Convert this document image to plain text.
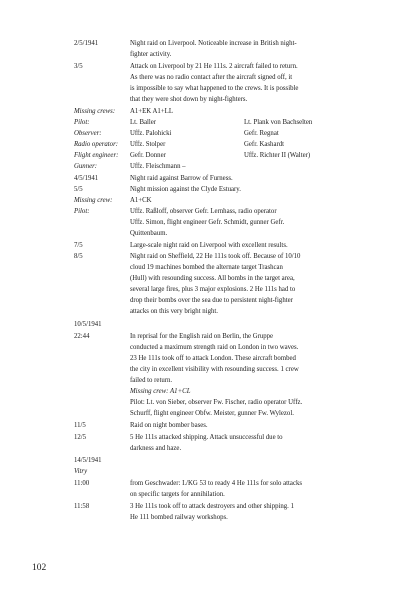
2/5/1941	Night raid on Liverpool. Noticeable increase in British night-
fighter activity.
3/5	Attack on Liverpool by 21 He 111s. 2 aircraft failed to return.
As there was no radio contact after the aircraft signed off, it
is impossible to say what happened to the crews. It is possible
that they were shot down by night-fighters.
Missing crews: A1+EK A1+LL
Pilot:	Lt. Baller	Lt. Plank von Bachselten
Observer:	Uffz. Palohicki	Gefr. Regnat
Radio operator: Uffz. Stolper	Gefr. Kashardt
Flight engineer: Gefr. Donner	Uffz. Richter II (Walter)
Gunner:	Uffz. Fleischmann –
4/5/1941	Night raid against Barrow of Furness.
5/5	Night mission against the Clyde Estuary.
Missing crew:	A1+CK
Pilot:	Uffz. Raßloff, observer Gefr. Lernhass, radio operator
Uffz. Simon, flight engineer Gefr. Schmidt, gunner Gefr.
Quittenbaum.
7/5	Large-scale night raid on Liverpool with excellent results.
8/5	Night raid on Sheffield, 22 He 111s took off. Because of 10/10
cloud 19 machines bombed the alternate target Trashcan
(Hull) with resounding success. All bombs in the target area,
several large fires, plus 3 major explosions. 2 He 111s had to
drop their bombs over the sea due to persistent night-fighter
attacks on this very bright night.
10/5/1941
22:44	In reprisal for the English raid on Berlin, the Gruppe
conducted a maximum strength raid on London in two waves.
23 He 111s took off to attack London. These aircraft bombed
the city in excellent visibility with resounding success. 1 crew
failed to return.
Missing crew: A1+CL
Pilot: Lt. von Sieber, observer Fw. Fischer, radio operator Uffz.
Schurff, flight engineer Obfw. Meister, gunner Fw. Wylezol.
11/5	Raid on night bomber bases.
12/5	5 He 111s attacked shipping. Attack unsuccessful due to
darkness and haze.
14/5/1941
Vitry
11:00	from Geschwader: I./KG 53 to ready 4 He 111s for solo attacks
on specific targets for annihilation.
11:58	3 He 111s took off to attack destroyers and other shipping. 1
He 111 bombed railway workshops.
102
